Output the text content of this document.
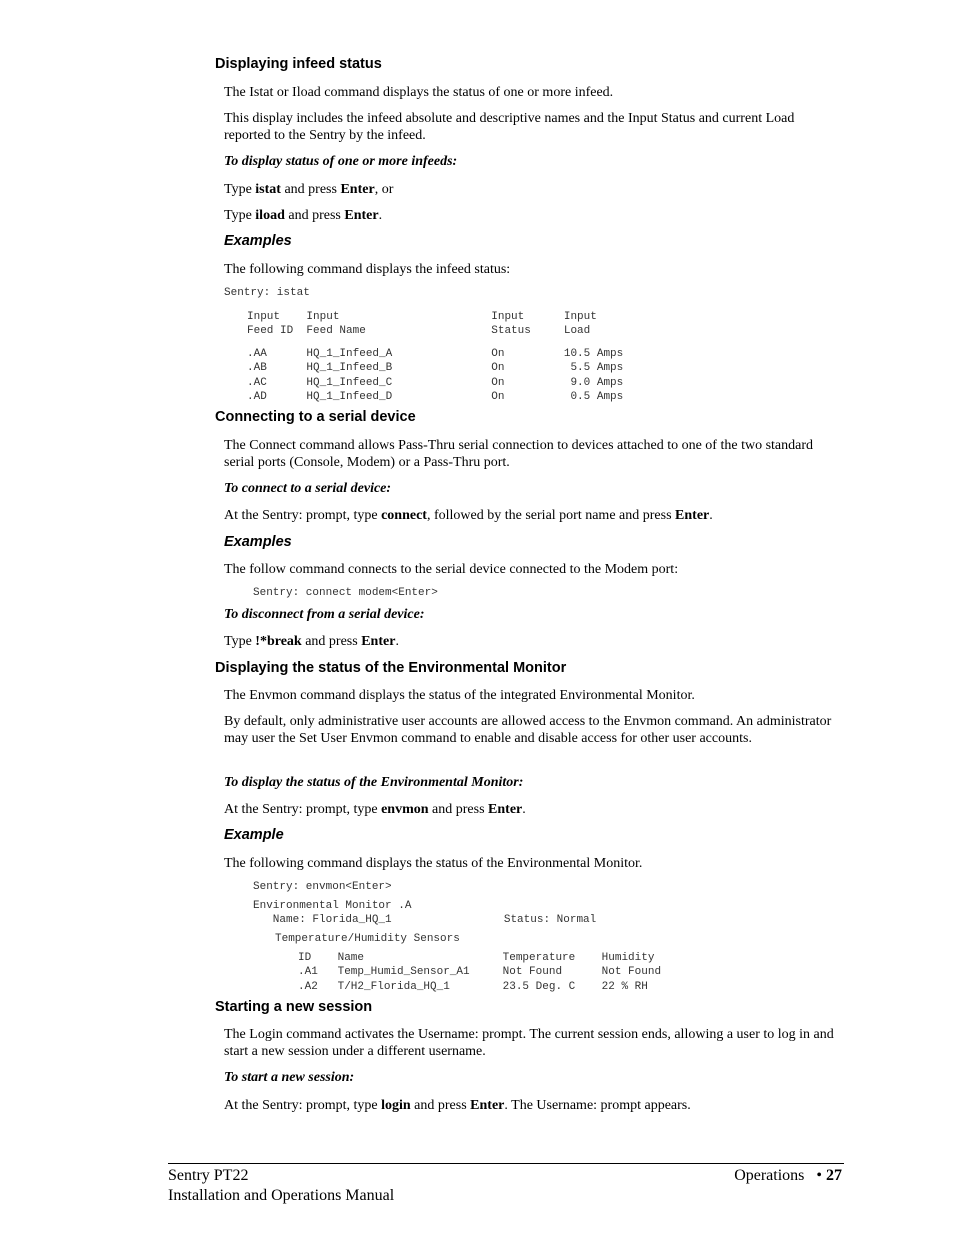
Displaying infeed status
The Istat or Iload command displays the status of one or more infeed.
This display includes the infeed absolute and descriptive names and the Input Status and current Load reported to the Sentry by the infeed.
To display status of one or more infeeds:
Type istat and press Enter, or
Type iload and press Enter.
Examples
The following command displays the infeed status:
Sentry: istat
Input    Input                       Input      Input
Feed ID  Feed Name                   Status     Load
.AA      HQ_1_Infeed_A               On         10.5 Amps
.AB      HQ_1_Infeed_B               On          5.5 Amps
.AC      HQ_1_Infeed_C               On          9.0 Amps
.AD      HQ_1_Infeed_D               On          0.5 Amps
Connecting to a serial device
The Connect command allows Pass-Thru serial connection to devices attached to one of the two standard serial ports (Console, Modem) or a Pass-Thru port.
To connect to a serial device:
At the Sentry: prompt, type connect, followed by the serial port name and press Enter.
Examples
The follow command connects to the serial device connected to the Modem port:
Sentry: connect modem<Enter>
To disconnect from a serial device:
Type !*break and press Enter.
Displaying the status of the Environmental Monitor
The Envmon command displays the status of the integrated Environmental Monitor.
By default, only administrative user accounts are allowed access to the Envmon command. An administrator may user the Set User Envmon command to enable and disable access for other user accounts.
To display the status of the Environmental Monitor:
At the Sentry: prompt, type envmon and press Enter.
Example
The following command displays the status of the Environmental Monitor.
Sentry: envmon<Enter>
Environmental Monitor .A
Name: Florida_HQ_1                 Status: Normal
Temperature/Humidity Sensors
ID    Name                     Temperature    Humidity
.A1   Temp_Humid_Sensor_A1     Not Found      Not Found
.A2   T/H2_Florida_HQ_1        23.5 Deg. C    22 % RH
Starting a new session
The Login command activates the Username: prompt. The current session ends, allowing a user to log in and start a new session under a different username.
To start a new session:
At the Sentry: prompt, type login and press Enter. The Username: prompt appears.
Sentry PT22
Installation and Operations Manual
Operations • 27
